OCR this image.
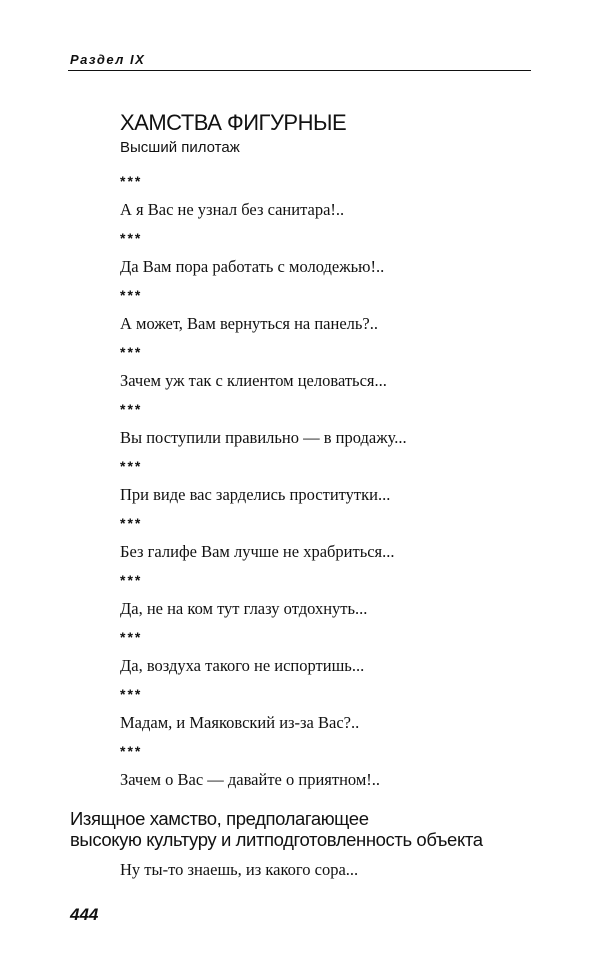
Раздел IX
ХАМСТВА ФИГУРНЫЕ
Высший пилотаж
***
А я Вас не узнал без санитара!..
***
Да Вам пора работать с молодежью!..
***
А может, Вам вернуться на панель?..
***
Зачем уж так с клиентом целоваться...
***
Вы поступили правильно — в продажу...
***
При виде вас зарделись проститутки...
***
Без галифе Вам лучше не храбриться...
***
Да, не на ком тут глазу отдохнуть...
***
Да, воздуха такого не испортишь...
***
Мадам, и Маяковский из-за Вас?..
***
Зачем о Вас — давайте о приятном!..
Изящное хамство, предполагающее
высокую культуру и литподготовленность объекта
Ну ты-то знаешь, из какого сора...
444
